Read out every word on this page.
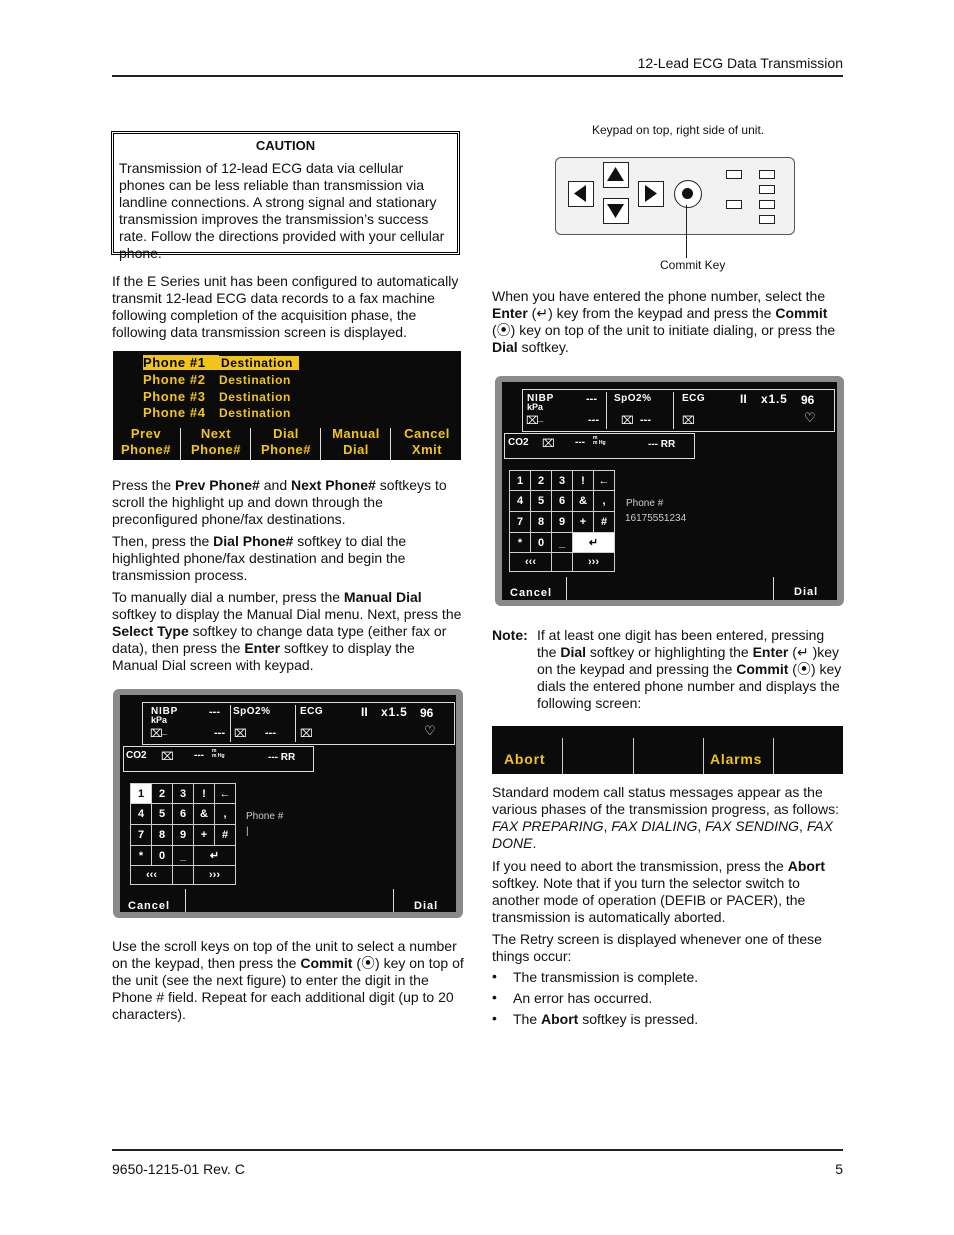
12-Lead ECG Data Transmission
9650-1215-01 Rev. C	5
CAUTION
Transmission of 12-lead ECG data via cellular phones can be less reliable than transmission via landline connections. A strong signal and stationary transmission improves the transmission’s success rate. Follow the directions provided with your cellular phone.

If the E Series unit has been configured to automatically transmit 12-lead ECG data records to a fax machine following completion of the acquisition phase, the following data transmission screen is displayed.

Phone #1 Destination
Phone #2 Destination
Phone #3 Destination
Phone #4 Destination
Prev
Phone#
Next
Phone#
Dial
Phone#
Manual
Dial
Cancel
Xmit

Press the Prev Phone# and Next Phone# softkeys to scroll the highlight up and down through the preconfigured phone/fax destinations.

Then, press the Dial Phone# softkey to dial the highlighted phone/fax destination and begin the transmission process.

To manually dial a number, press the Manual Dial softkey to display the Manual Dial menu. Next, press the Select Type softkey to change data type (either fax or data), then press the Enter softkey to display the Manual Dial screen with keypad.

NIBP
kPa
---
⌧
_	---
SpO2%
⌧ ---
ECG
⌧
II x1.5 96
♡
CO2 ⌧ --- m
m Hg	--- RR
1	2	3	!	←
4	5	6	&	,
7	8	9	+	#
*	0	_	↵	
‹‹‹			›››	
Phone #
|
Cancel	Dial

Use the scroll keys on top of the unit to select a number on the keypad, then press the Commit (⦿) key on top of the unit (see the next figure) to enter the digit in the Phone # field. Repeat for each additional digit (up to 20 characters).

Keypad on top, right side of unit.
Commit Key

When you have entered the phone number, select the Enter (↵) key from the keypad and press the Commit (⦿) key on top of the unit to initiate dialing, or press the Dial softkey.

NIBP
kPa
---
⌧
_	---
SpO2%
⌧ ---
ECG
⌧
II x1.5 96
♡
CO2 ⌧ --- m
m Hg	--- RR
1	2	3	!	←
4	5	6	&	,
7	8	9	+	#
*	0	_	↵	
‹‹‹			›››	
Phone #
16175551234
Cancel	Dial
Note: If at least one digit has been entered, pressing the Dial softkey or highlighting the Enter (↵ )key on the keypad and pressing the Commit (⦿) key dials the entered phone number and displays the following screen:

Abort	Alarms

Standard modem call status messages appear as the various phases of the transmission progress, as follows: FAX PREPARING, FAX DIALING, FAX SENDING, FAX DONE.

If you need to abort the transmission, press the Abort softkey. Note that if you turn the selector switch to another mode of operation (DEFIB or PACER), the transmission is automatically aborted.

The Retry screen is displayed whenever one of these things occur:

• The transmission is complete.
• An error has occurred.
• The Abort softkey is pressed.
